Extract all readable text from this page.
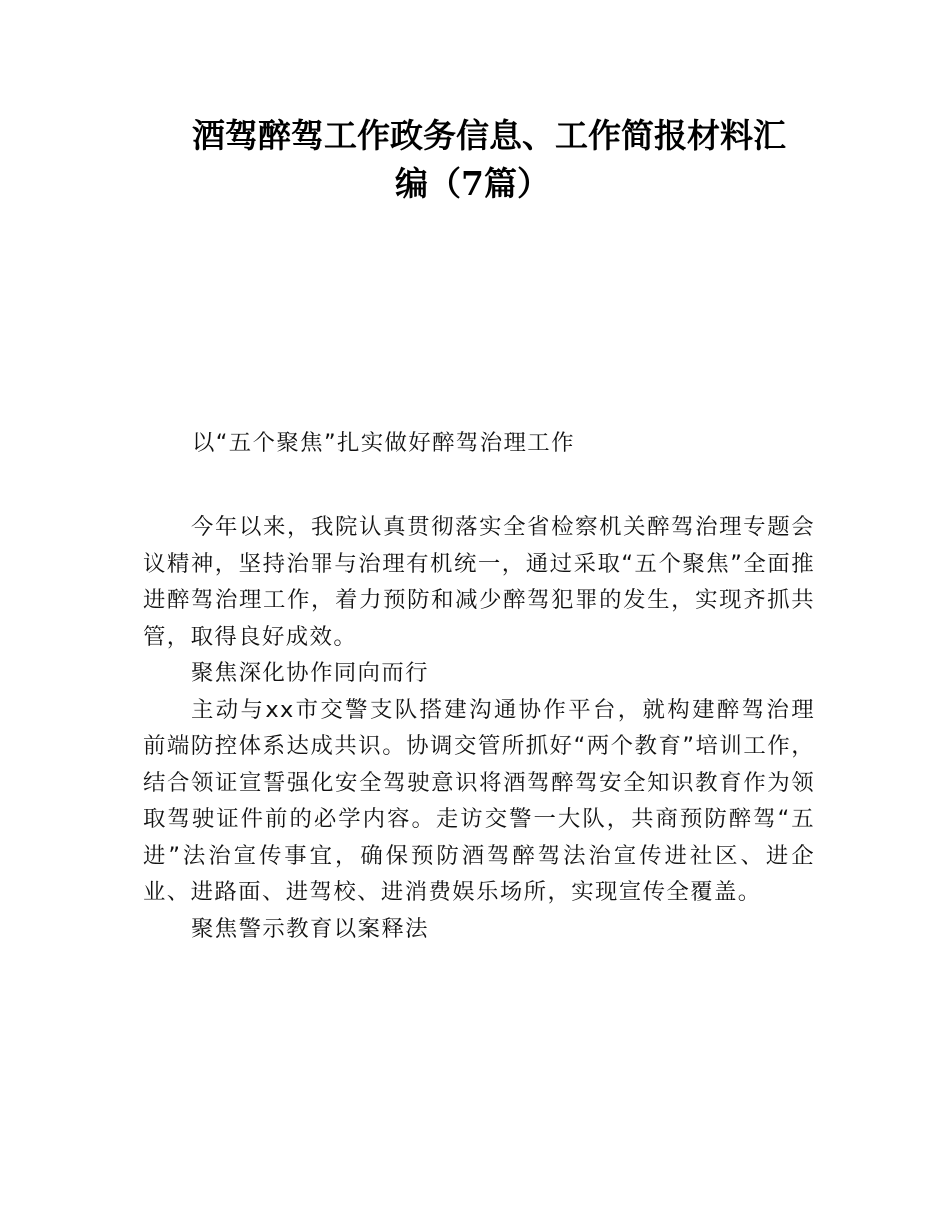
酒驾醉驾工作政务信息、工作简报材料汇
编（7篇）

以“五个聚焦”扎实做好醉驾治理工作

今年以来，我院认真贯彻落实全省检察机关醉驾治理专题会议精神，坚持治罪与治理有机统一，通过采取“五个聚焦”全面推进醉驾治理工作，着力预防和减少醉驾犯罪的发生，实现齐抓共管，取得良好成效。

聚焦深化协作同向而行

主动与xx市交警支队搭建沟通协作平台，就构建醉驾治理前端防控体系达成共识。协调交管所抓好“两个教育”培训工作，结合领证宣誓强化安全驾驶意识将酒驾醉驾安全知识教育作为领取驾驶证件前的必学内容。走访交警一大队，共商预防醉驾“五进”法治宣传事宜，确保预防酒驾醉驾法治宣传进社区、进企业、进路面、进驾校、进消费娱乐场所，实现宣传全覆盖。

聚焦警示教育以案释法
